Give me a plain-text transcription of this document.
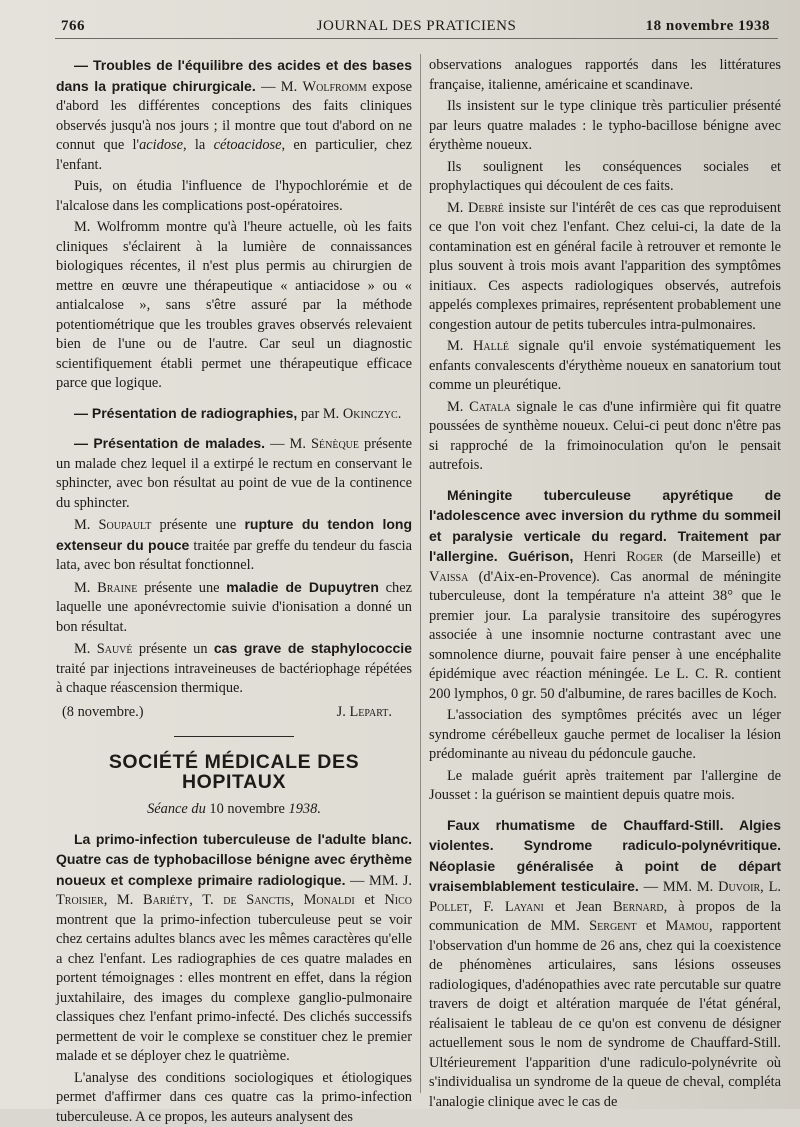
766	JOURNAL DES PRATICIENS	18 novembre 1938

— Troubles de l'équilibre des acides et des bases dans la pratique chirurgicale. — M. Wolfromm expose d'abord les différentes conceptions des faits cliniques observés jusqu'à nos jours ; il montre que tout d'abord on ne connut que l'acidose, la cétoacidose, en particulier, chez l'enfant.

Puis, on étudia l'influence de l'hypochlorémie et de l'alcalose dans les complications post-opératoires.

M. Wolfromm montre qu'à l'heure actuelle, où les faits cliniques s'éclairent à la lumière de connaissances biologiques récentes, il n'est plus permis au chirurgien de mettre en œuvre une thérapeutique « antiacidose » ou « antialcalose », sans s'être assuré par la méthode potentiométrique que les troubles graves observés relevaient bien de l'une ou de l'autre. Car seul un diagnostic scientifiquement établi permet une thérapeutique efficace parce que logique.

— Présentation de radiographies, par M. Okinczyc.

— Présentation de malades. — M. Sénèque présente un malade chez lequel il a extirpé le rectum en conservant le sphincter, avec bon résultat au point de vue de la continence du sphincter.

M. Soupault présente une rupture du tendon long extenseur du pouce traitée par greffe du tendeur du fascia lata, avec bon résultat fonctionnel.

M. Braine présente une maladie de Dupuytren chez laquelle une aponévrectomie suivie d'ionisation a donné un bon résultat.

M. Sauvé présente un cas grave de staphylococcie traité par injections intraveineuses de bactériophage répétées à chaque réascension thermique.

(8 novembre.)	J. Lepart.
SOCIÉTÉ MÉDICALE DES HOPITAUX

Séance du 10 novembre 1938.

La primo-infection tuberculeuse de l'adulte blanc. Quatre cas de typhobacillose bénigne avec érythème noueux et complexe primaire radiologique. — MM. J. Troisier, M. Bariéty, T. de Sanctis, Monaldi et Nico montrent que la primo-infection tuberculeuse peut se voir chez certains adultes blancs avec les mêmes caractères qu'elle a chez l'enfant. Les radiographies de ces quatre malades en portent témoignages : elles montrent en effet, dans la région juxtahilaire, des images du complexe ganglio-pulmonaire classiques chez l'enfant primo-infecté. Des clichés successifs permettent de voir le complexe se constituer chez le premier malade et se déployer chez le quatrième.

L'analyse des conditions sociologiques et étiologiques permet d'affirmer dans ces quatre cas la primo-infection tuberculeuse. A ce propos, les auteurs analysent des

observations analogues rapportés dans les littératures française, italienne, américaine et scandinave.

Ils insistent sur le type clinique très particulier présenté par leurs quatre malades : le typho-bacillose bénigne avec érythème noueux.

Ils soulignent les conséquences sociales et prophylactiques qui découlent de ces faits.

M. Debré insiste sur l'intérêt de ces cas que reproduisent ce que l'on voit chez l'enfant. Chez celui-ci, la date de la contamination est en général facile à retrouver et remonte le plus souvent à trois mois avant l'apparition des symptômes initiaux. Ces aspects radiologiques observés, autrefois appelés complexes primaires, représentent probablement une congestion autour de petits tubercules intra-pulmonaires.

M. Hallé signale qu'il envoie systématiquement les enfants convalescents d'érythème noueux en sanatorium tout comme un pleurétique.

M. Catala signale le cas d'une infirmière qui fit quatre poussées de synthème noueux. Celui-ci peut donc n'être pas si rapproché de la frimoinoculation qu'on le pensait autrefois.

Méningite tuberculeuse apyrétique de l'adolescence avec inversion du rythme du sommeil et paralysie verticale du regard. Traitement par l'allergine. Guérison, Henri Roger (de Marseille) et Vaissa (d'Aix-en-Provence). Cas anormal de méningite tuberculeuse, dont la température n'a atteint 38° que le premier jour. La paralysie transitoire des supérogyres associée à une insomnie nocturne contrastant avec une somnolence diurne, pouvait faire penser à une encéphalite épidémique avec réaction méningée. Le L. C. R. contient 200 lymphos, 0 gr. 50 d'albumine, de rares bacilles de Koch.

L'association des symptômes précités avec un léger syndrome cérébelleux gauche permet de localiser la lésion prédominante au niveau du pédoncule gauche.

Le malade guérit après traitement par l'allergine de Jousset : la guérison se maintient depuis quatre mois.

Faux rhumatisme de Chauffard-Still. Algies violentes. Syndrome radiculo-polynévritique. Néoplasie généralisée à point de départ vraisemblablement testiculaire. — MM. M. Duvoir, L. Pollet, F. Layani et Jean Bernard, à propos de la communication de MM. Sergent et Mamou, rapportent l'observation d'un homme de 26 ans, chez qui la coexistence de phénomènes articulaires, sans lésions osseuses radiologiques, d'adénopathies avec rate percutable sur quatre travers de doigt et altération marquée de l'état général, réalisaient le tableau de ce qu'on est convenu de désigner actuellement sous le nom de syndrome de Chauffard-Still. Ultérieurement l'apparition d'une radiculo-polynévrite où s'individualisa un syndrome de la queue de cheval, compléta l'analogie clinique avec le cas de
